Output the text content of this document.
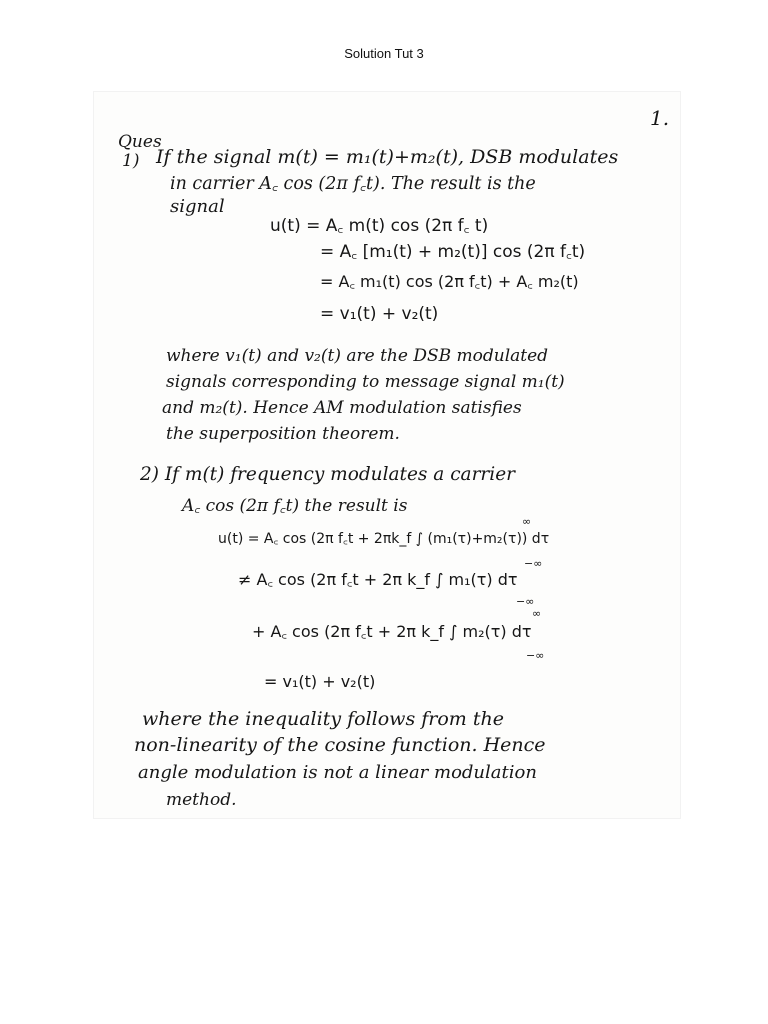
Solution Tut 3
1.
Ques
1) If the signal m(t) = m₁(t)+m₂(t), DSB modulates
in carrier A꜀ cos (2π f꜀t). The result is the
signal
u(t) = A꜀ m(t) cos (2π f꜀ t)
= A꜀ [m₁(t) + m₂(t)] cos (2π f꜀t)
= A꜀ m₁(t) cos (2π f꜀t) + A꜀ m₂(t)
= v₁(t) + v₂(t)
where v₁(t) and v₂(t) are the DSB modulated
signals corresponding to message signal m₁(t)
and m₂(t). Hence AM modulation satisfies
the superposition theorem.
2) If m(t) frequency modulates a carrier
A꜀ cos (2π f꜀t) the result is
∞
u(t) = A꜀ cos (2π f꜀t + 2πk_f ∫ (m₁(τ)+m₂(τ)) dτ
−∞
≠ A꜀ cos (2π f꜀t + 2π k_f ∫ m₁(τ) dτ
−∞
∞
+ A꜀ cos (2π f꜀t + 2π k_f ∫ m₂(τ) dτ
−∞
= v₁(t) + v₂(t)
where the inequality follows from the
non-linearity of the cosine function. Hence
angle modulation is not a linear modulation
method.
